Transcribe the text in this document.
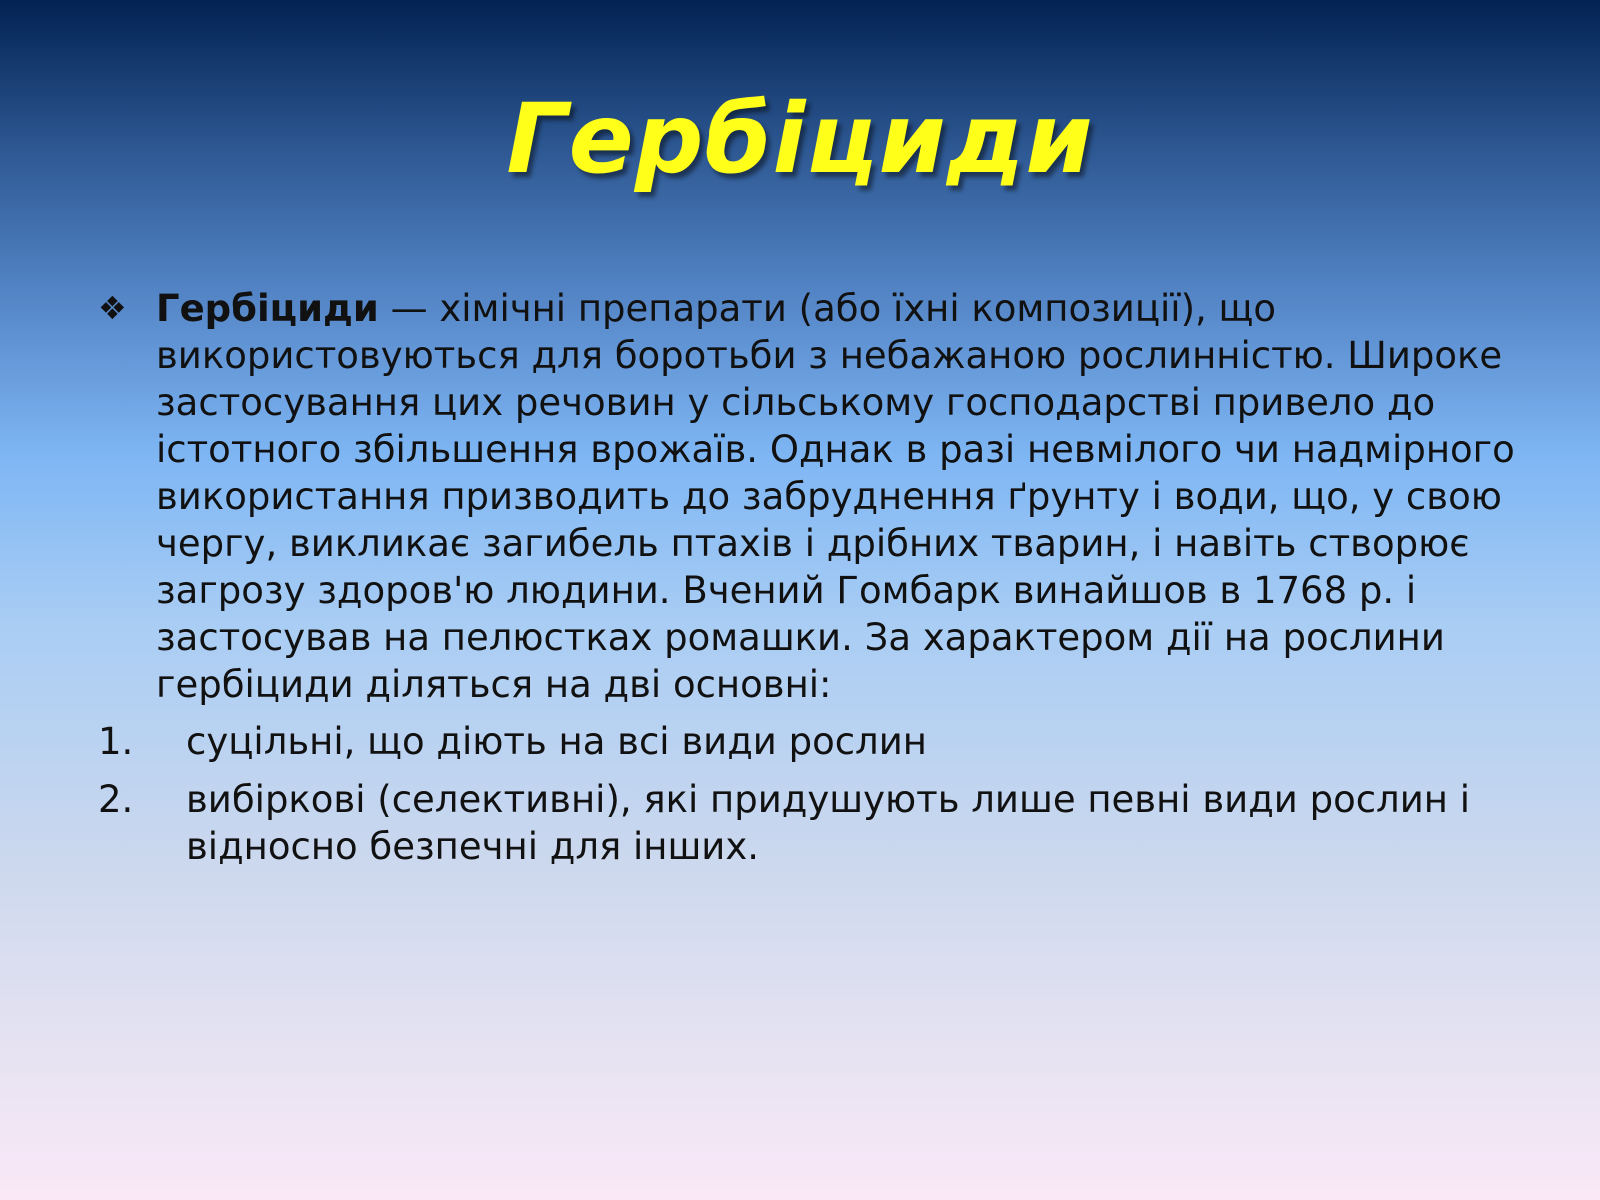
Гербіциди
❖ Гербіциди — хімічні препарати (або їхні композиції), що використовуються для боротьби з небажаною рослинністю. Широке застосування цих речовин у сільському господарстві привело до істотного збільшення врожаїв. Однак в разі невмілого чи надмірного використання призводить до забруднення ґрунту і води, що, у свою чергу, викликає загибель птахів і дрібних тварин, і навіть створює загрозу здоров'ю людини. Вчений Гомбарк винайшов в 1768 р. і застосував на пелюстках ромашки. За характером дії на рослини гербіциди діляться на дві основні:
1.	суцільні, що діють на всі види рослин
2.	вибіркові (селективні), які придушують лише певні види рослин і відносно безпечні для інших.
